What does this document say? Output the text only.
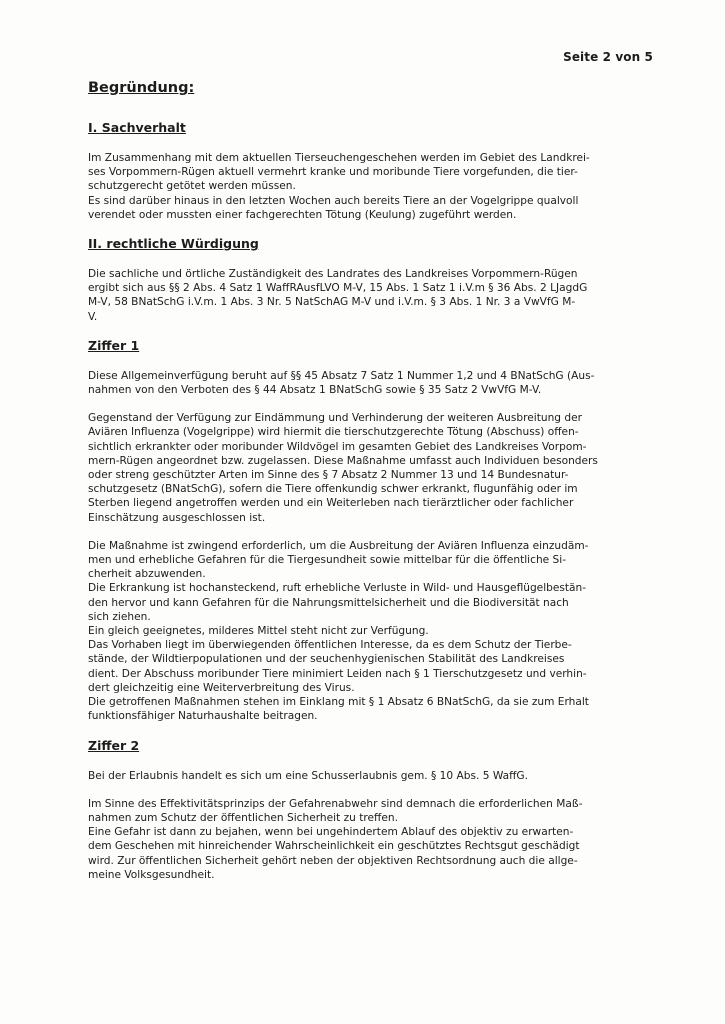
Seite 2 von 5
Begründung:
I. Sachverhalt
Im Zusammenhang mit dem aktuellen Tierseuchengeschehen werden im Gebiet des Landkrei-
ses Vorpommern-Rügen aktuell vermehrt kranke und moribunde Tiere vorgefunden, die tier-
schutzgerecht getötet werden müssen.
Es sind darüber hinaus in den letzten Wochen auch bereits Tiere an der Vogelgrippe qualvoll
verendet oder mussten einer fachgerechten Tötung (Keulung) zugeführt werden.
II. rechtliche Würdigung
Die sachliche und örtliche Zuständigkeit des Landrates des Landkreises Vorpommern-Rügen
ergibt sich aus §§ 2 Abs. 4 Satz 1 WaffRAusfLVO M-V, 15 Abs. 1 Satz 1 i.V.m § 36 Abs. 2 LJagdG
M-V, 58 BNatSchG i.V.m. 1 Abs. 3 Nr. 5 NatSchAG M-V und i.V.m. § 3 Abs. 1 Nr. 3 a VwVfG M-
V.
Ziffer 1
Diese Allgemeinverfügung beruht auf §§ 45 Absatz 7 Satz 1 Nummer 1,2 und 4 BNatSchG (Aus-
nahmen von den Verboten des § 44 Absatz 1 BNatSchG sowie § 35 Satz 2 VwVfG M-V.
Gegenstand der Verfügung zur Eindämmung und Verhinderung der weiteren Ausbreitung der
Aviären Influenza (Vogelgrippe) wird hiermit die tierschutzgerechte Tötung (Abschuss) offen-
sichtlich erkrankter oder moribunder Wildvögel im gesamten Gebiet des Landkreises Vorpom-
mern-Rügen angeordnet bzw. zugelassen. Diese Maßnahme umfasst auch Individuen besonders
oder streng geschützter Arten im Sinne des § 7 Absatz 2 Nummer 13 und 14 Bundesnatur-
schutzgesetz (BNatSchG), sofern die Tiere offenkundig schwer erkrankt, flugunfähig oder im
Sterben liegend angetroffen werden und ein Weiterleben nach tierärztlicher oder fachlicher
Einschätzung ausgeschlossen ist.
Die Maßnahme ist zwingend erforderlich, um die Ausbreitung der Aviären Influenza einzudäm-
men und erhebliche Gefahren für die Tiergesundheit sowie mittelbar für die öffentliche Si-
cherheit abzuwenden.
Die Erkrankung ist hochansteckend, ruft erhebliche Verluste in Wild- und Hausgeflügelbestän-
den hervor und kann Gefahren für die Nahrungsmittelsicherheit und die Biodiversität nach
sich ziehen.
Ein gleich geeignetes, milderes Mittel steht nicht zur Verfügung.
Das Vorhaben liegt im überwiegenden öffentlichen Interesse, da es dem Schutz der Tierbe-
stände, der Wildtierpopulationen und der seuchenhygienischen Stabilität des Landkreises
dient. Der Abschuss moribunder Tiere minimiert Leiden nach § 1 Tierschutzgesetz und verhin-
dert gleichzeitig eine Weiterverbreitung des Virus.
Die getroffenen Maßnahmen stehen im Einklang mit § 1 Absatz 6 BNatSchG, da sie zum Erhalt
funktionsfähiger Naturhaushalte beitragen.
Ziffer 2
Bei der Erlaubnis handelt es sich um eine Schusserlaubnis gem. § 10 Abs. 5 WaffG.
Im Sinne des Effektivitätsprinzips der Gefahrenabwehr sind demnach die erforderlichen Maß-
nahmen zum Schutz der öffentlichen Sicherheit zu treffen.
Eine Gefahr ist dann zu bejahen, wenn bei ungehindertem Ablauf des objektiv zu erwarten-
dem Geschehen mit hinreichender Wahrscheinlichkeit ein geschütztes Rechtsgut geschädigt
wird. Zur öffentlichen Sicherheit gehört neben der objektiven Rechtsordnung auch die allge-
meine Volksgesundheit.
